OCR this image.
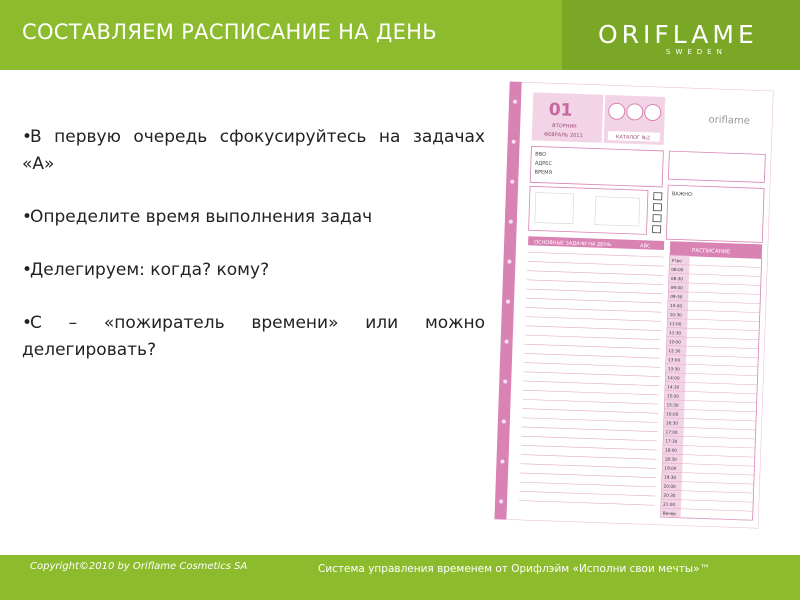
СОСТАВЛЯЕМ РАСПИСАНИЕ НА ДЕНЬ	ORIFLAME
SWEDEN
•В первую очередь сфокусируйтесь на задачах «А»
•Определите время выполнения задач
•Делегируем: когда? кому?
•С – «пожиратель времени» или можно делегировать?
01
ВТОРНИК
ФЕВРАЛЬ 2011	КАТАЛОГ №2
oriflame
ВВО
АДРЕС
ВРЕМЯ
ВАЖНО:
ОСНОВНЫЕ ЗАДАЧИ НА ДЕНЬ	АВС
РАСПИСАНИЕ
Утро
08:00
08:30
09:00
09:30
10:00
10:30
11:00
11:30
12:00
12:30
13:00
13:30
14:00
14:30
15:00
15:30
16:00
16:30
17:00
17:30
18:00
18:30
19:00
19:30
20:00
20:30
21:00
Вечер
Copyright©2010 by Oriflame Cosmetics SA	Система управления временем от Орифлэйм «Исполни свои мечты»™
